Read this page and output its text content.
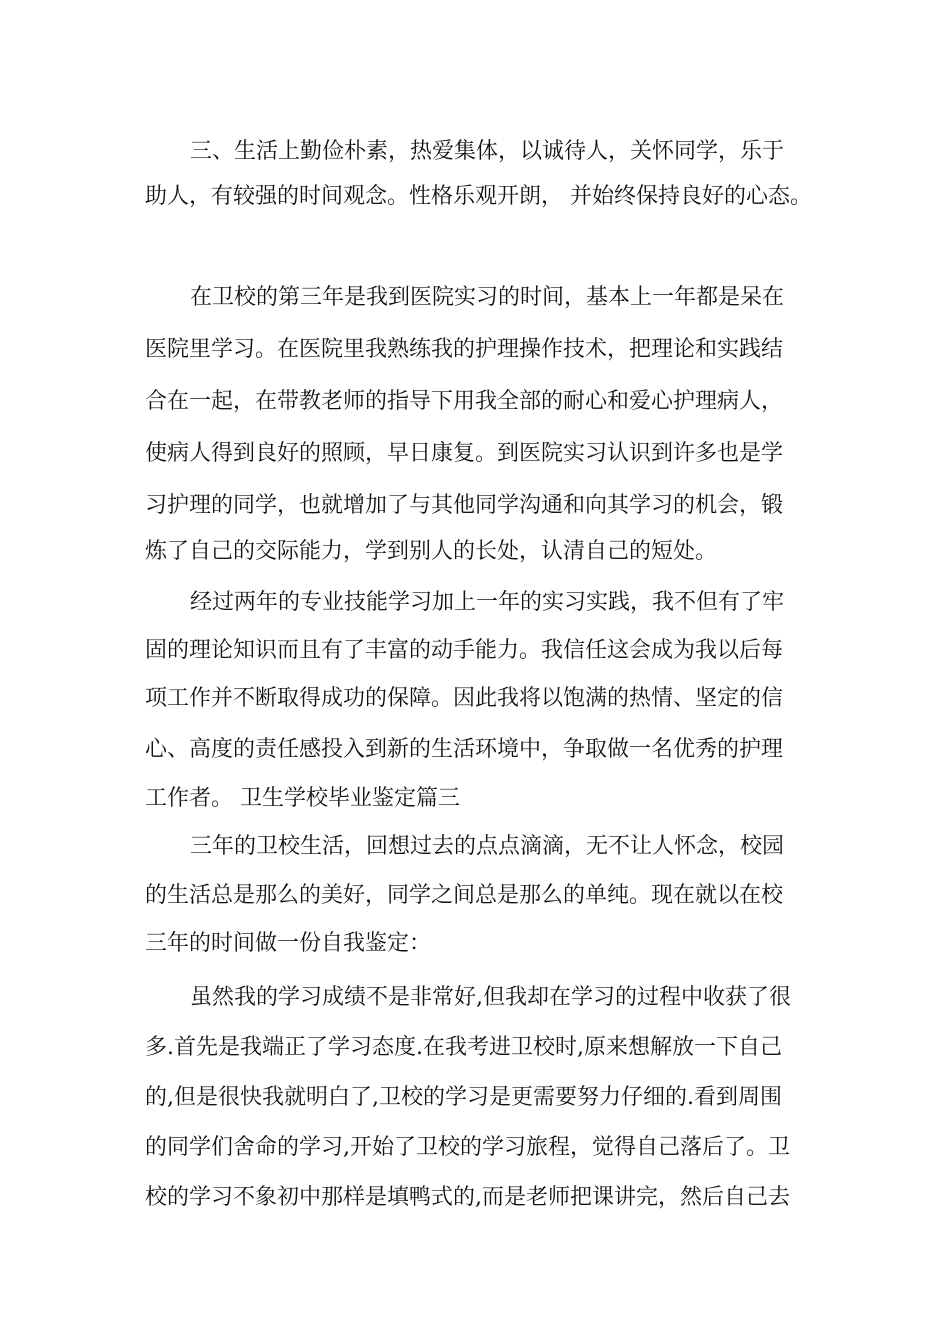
三、生活上勤俭朴素，热爱集体，以诚待人，关怀同学，乐于
助人，有较强的时间观念。性格乐观开朗， 并始终保持良好的心态。
在卫校的第三年是我到医院实习的时间，基本上一年都是呆在
医院里学习。在医院里我熟练我的护理操作技术，把理论和实践结
合在一起，在带教老师的指导下用我全部的耐心和爱心护理病人，
使病人得到良好的照顾，早日康复。到医院实习认识到许多也是学
习护理的同学，也就增加了与其他同学沟通和向其学习的机会，锻
炼了自己的交际能力，学到别人的长处，认清自己的短处。
经过两年的专业技能学习加上一年的实习实践，我不但有了牢
固的理论知识而且有了丰富的动手能力。我信任这会成为我以后每
项工作并不断取得成功的保障。因此我将以饱满的热情、坚定的信
心、高度的责任感投入到新的生活环境中，争取做一名优秀的护理
工作者。 卫生学校毕业鉴定篇三
三年的卫校生活，回想过去的点点滴滴，无不让人怀念，校园
的生活总是那么的美好，同学之间总是那么的单纯。现在就以在校
三年的时间做一份自我鉴定：
虽然我的学习成绩不是非常好,但我却在学习的过程中收获了很
多.首先是我端正了学习态度.在我考进卫校时,原来想解放一下自己
的,但是很快我就明白了,卫校的学习是更需要努力仔细的.看到周围
的同学们舍命的学习,开始了卫校的学习旅程，觉得自己落后了。卫
校的学习不象初中那样是填鸭式的,而是老师把课讲完，然后自己去
